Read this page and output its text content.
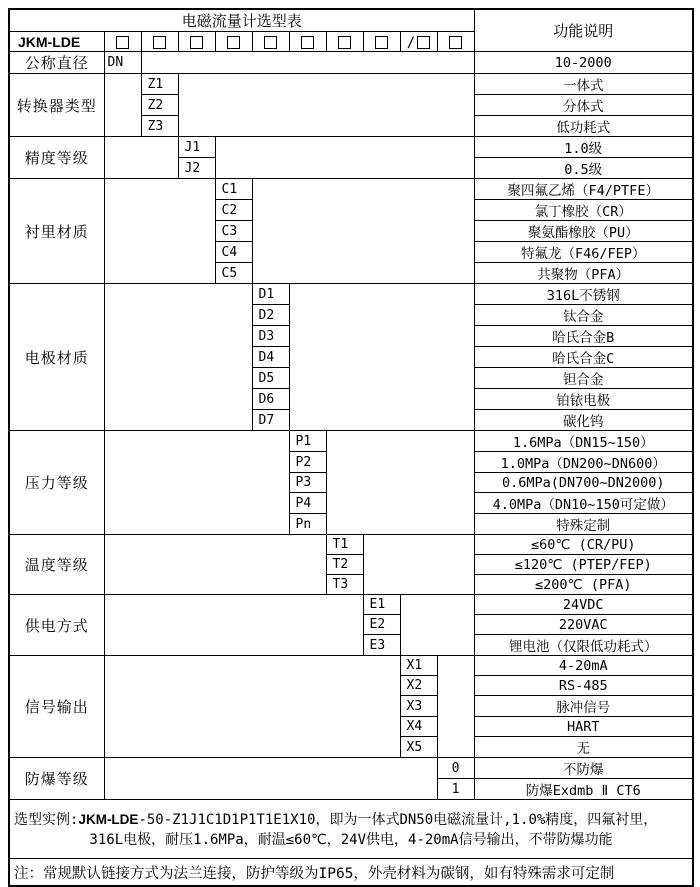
电磁流量计选型表											功能说明
JKM-LDE									/		
公称直径	DN										10-2000
转换器类型		Z1									一体式
		Z2									分体式
		Z3									低功耗式
精度等级			J1								1.0级
			J2								0.5级
衬里材质				C1							聚四氟乙烯（F4/PTFE）
				C2							氯丁橡胶（CR）
				C3							聚氨酯橡胶（PU）
				C4							特氟龙（F46/FEP）
				C5							共聚物（PFA）
电极材质					D1						316L不锈钢
					D2						钛合金
					D3						哈氏合金B
					D4						哈氏合金C
					D5						钽合金
					D6						铂铱电极
					D7						碳化钨
压力等级						P1					1.6MPa（DN15~150）
						P2					1.0MPa（DN200~DN600）
						P3					0.6MPa(DN700~DN2000)
						P4					4.0MPa（DN10~150可定做）
						Pn					特殊定制
温度等级							T1				≤60℃ (CR/PU)
							T2				≤120℃ (PTEP/FEP)
							T3				≤200℃ (PFA)
供电方式								E1			24VDC
								E2			220VAC
								E3			锂电池（仅限低功耗式）
信号输出									X1		4-20mA
									X2		RS-485
									X3		脉冲信号
									X4		HART
									X5		无
防爆等级										0	不防爆
										1	防爆Exdmb Ⅱ CT6

选型实例:JKM-LDE-50-Z1J1C1D1P1T1E1X10，即为一体式DN50电磁流量计,1.0%精度，四氟衬里，
316L电极，耐压1.6MPa，耐温≤60℃，24V供电，4-20mA信号输出，不带防爆功能											

注：常规默认链接方式为法兰连接，防护等级为IP65，外壳材料为碳钢，如有特殊需求可定制											
